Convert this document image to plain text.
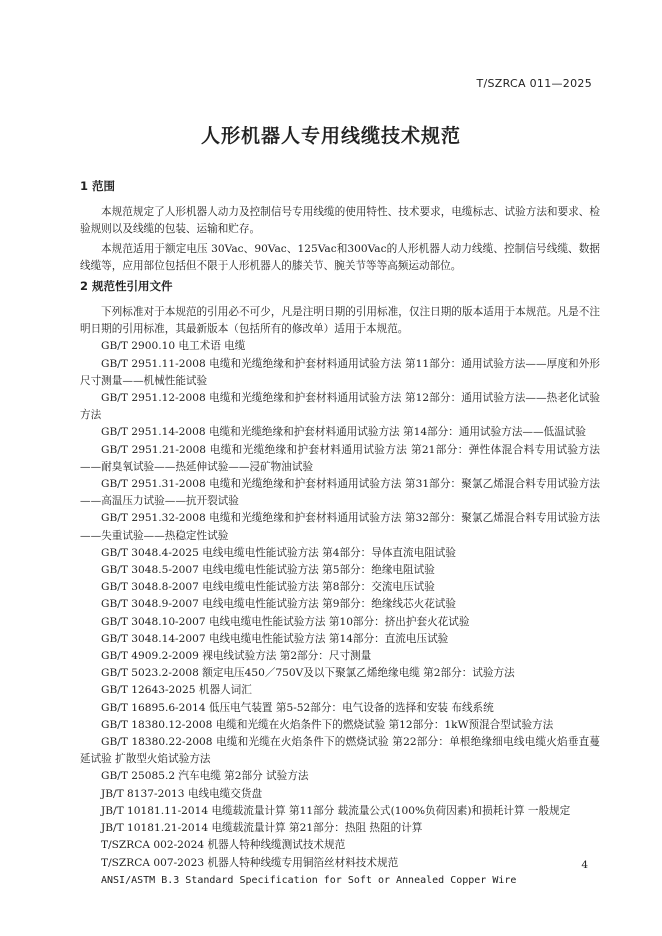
T/SZRCA 011—2025
人形机器人专用线缆技术规范
1 范围

本规范规定了人形机器人动力及控制信号专用线缆的使用特性、技术要求，电缆标志、试验方法和要求、检验规则以及线缆的包装、运输和贮存。

本规范适用于额定电压 30Vac、90Vac、125Vac和300Vac的人形机器人动力线缆、控制信号线缆、数据线缆等，应用部位包括但不限于人形机器人的膝关节、腕关节等等高频运动部位。

2 规范性引用文件
下列标准对于本规范的引用必不可少，凡是注明日期的引用标准，仅注日期的版本适用于本规范。凡是不注明日期的引用标准，其最新版本（包括所有的修改单）适用于本规范。
GB/T 2900.10 电工术语 电缆
GB/T 2951.11-2008 电缆和光缆绝缘和护套材料通用试验方法 第11部分：通用试验方法——厚度和外形尺寸测量——机械性能试验
GB/T 2951.12-2008 电缆和光缆绝缘和护套材料通用试验方法 第12部分：通用试验方法——热老化试验方法
GB/T 2951.14-2008 电缆和光缆绝缘和护套材料通用试验方法 第14部分：通用试验方法——低温试验
GB/T 2951.21-2008 电缆和光缆绝缘和护套材料通用试验方法 第21部分：弹性体混合料专用试验方法——耐臭氧试验——热延伸试验——浸矿物油试验
GB/T 2951.31-2008 电缆和光缆绝缘和护套材料通用试验方法 第31部分：聚氯乙烯混合料专用试验方法——高温压力试验——抗开裂试验
GB/T 2951.32-2008 电缆和光缆绝缘和护套材料通用试验方法 第32部分：聚氯乙烯混合料专用试验方法——失重试验——热稳定性试验
GB/T 3048.4-2025 电线电缆电性能试验方法 第4部分：导体直流电阻试验
GB/T 3048.5-2007 电线电缆电性能试验方法 第5部分：绝缘电阻试验
GB/T 3048.8-2007 电线电缆电性能试验方法 第8部分：交流电压试验
GB/T 3048.9-2007 电线电缆电性能试验方法 第9部分：绝缘线芯火花试验
GB/T 3048.10-2007 电线电缆电性能试验方法 第10部分：挤出护套火花试验
GB/T 3048.14-2007 电线电缆电性能试验方法 第14部分：直流电压试验
GB/T 4909.2-2009 裸电线试验方法 第2部分：尺寸测量
GB/T 5023.2-2008 额定电压450／750V及以下聚氯乙烯绝缘电缆 第2部分：试验方法
GB/T 12643-2025 机器人词汇
GB/T 16895.6-2014 低压电气装置 第5-52部分：电气设备的选择和安装 布线系统
GB/T 18380.12-2008 电缆和光缆在火焰条件下的燃烧试验 第12部分：1kW预混合型试验方法
GB/T 18380.22-2008 电缆和光缆在火焰条件下的燃烧试验 第22部分：单根绝缘细电线电缆火焰垂直蔓延试验 扩散型火焰试验方法
GB/T 25085.2 汽车电缆 第2部分 试验方法
JB/T 8137-2013 电线电缆交货盘
JB/T 10181.11-2014 电缆载流量计算 第11部分 载流量公式(100%负荷因素)和损耗计算 一般规定
JB/T 10181.21-2014 电缆载流量计算 第21部分：热阻 热阻的计算
T/SZRCA 002-2024 机器人特种线缆测试技术规范
T/SZRCA 007-2023 机器人特种线缆专用铜箔丝材料技术规范
ANSI/ASTM B.3 Standard Specification for Soft or Annealed Copper Wire
4
